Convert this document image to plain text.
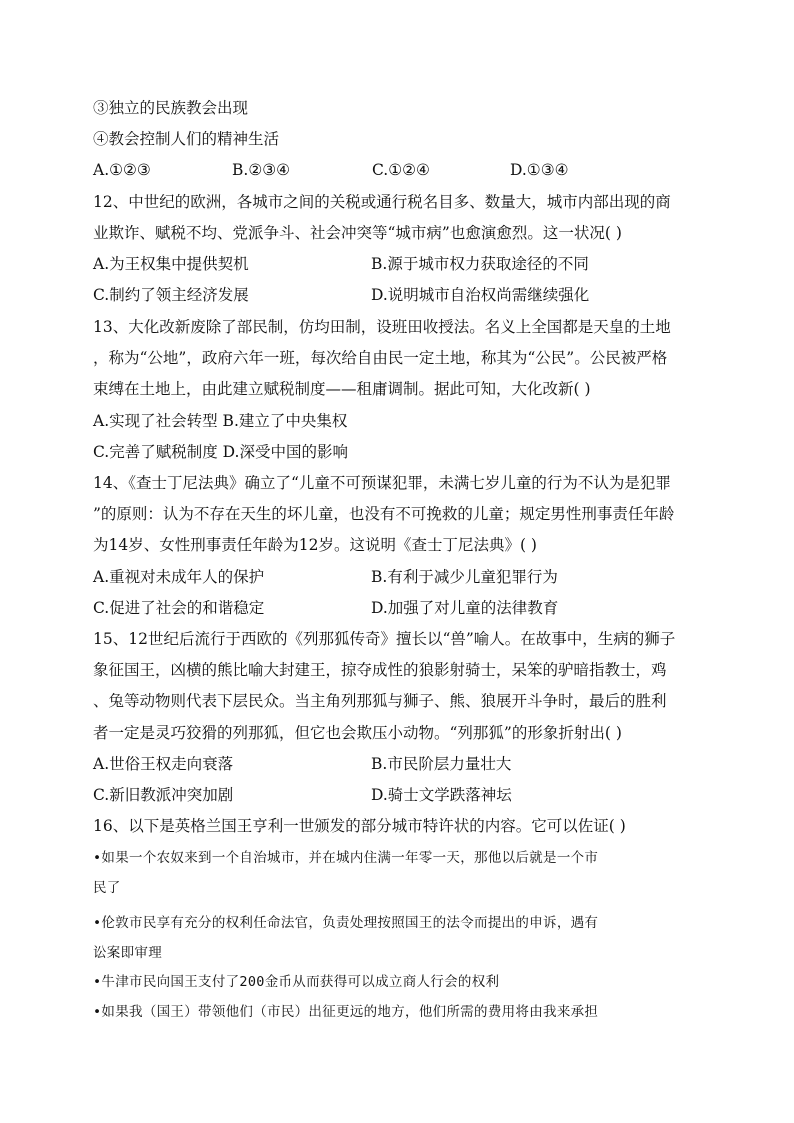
③独立的民族教会出现
④教会控制人们的精神生活
A.①②③	B.②③④	C.①②④	D.①③④
12、中世纪的欧洲，各城市之间的关税或通行税名目多、数量大，城市内部出现的商
业欺诈、赋税不均、党派争斗、社会冲突等“城市病”也愈演愈烈。这一状况( )
A.为王权集中提供契机	B.源于城市权力获取途径的不同
C.制约了领主经济发展	D.说明城市自治权尚需继续强化
13、大化改新废除了部民制，仿均田制，设班田收授法。名义上全国都是天皇的土地
，称为“公地”，政府六年一班，每次给自由民一定土地，称其为“公民”。公民被严格
束缚在土地上，由此建立赋税制度——租庸调制。据此可知，大化改新( )
A.实现了社会转型 B.建立了中央集权
C.完善了赋税制度 D.深受中国的影响
14、《查士丁尼法典》确立了“儿童不可预谋犯罪，未满七岁儿童的行为不认为是犯罪
”的原则：认为不存在天生的坏儿童，也没有不可挽救的儿童；规定男性刑事责任年龄
为14岁、女性刑事责任年龄为12岁。这说明《查士丁尼法典》( )
A.重视对未成年人的保护	B.有利于减少儿童犯罪行为
C.促进了社会的和谐稳定	D.加强了对儿童的法律教育
15、12世纪后流行于西欧的《列那狐传奇》擅长以“兽”喻人。在故事中，生病的狮子
象征国王，凶横的熊比喻大封建王，掠夺成性的狼影射骑士，呆笨的驴暗指教士，鸡
、兔等动物则代表下层民众。当主角列那狐与狮子、熊、狼展开斗争时，最后的胜利
者一定是灵巧狡猾的列那狐，但它也会欺压小动物。“列那狐”的形象折射出( )
A.世俗王权走向衰落	B.市民阶层力量壮大
C.新旧教派冲突加剧	D.骑士文学跌落神坛
16、以下是英格兰国王亨利一世颁发的部分城市特许状的内容。它可以佐证( )
•如果一个农奴来到一个自治城市，并在城内住满一年零一天，那他以后就是一个市
民了
•伦敦市民享有充分的权利任命法官，负责处理按照国王的法令而提出的申诉，遇有
讼案即审理
•牛津市民向国王支付了200金币从而获得可以成立商人行会的权利
•如果我（国王）带领他们（市民）出征更远的地方，他们所需的费用将由我来承担
